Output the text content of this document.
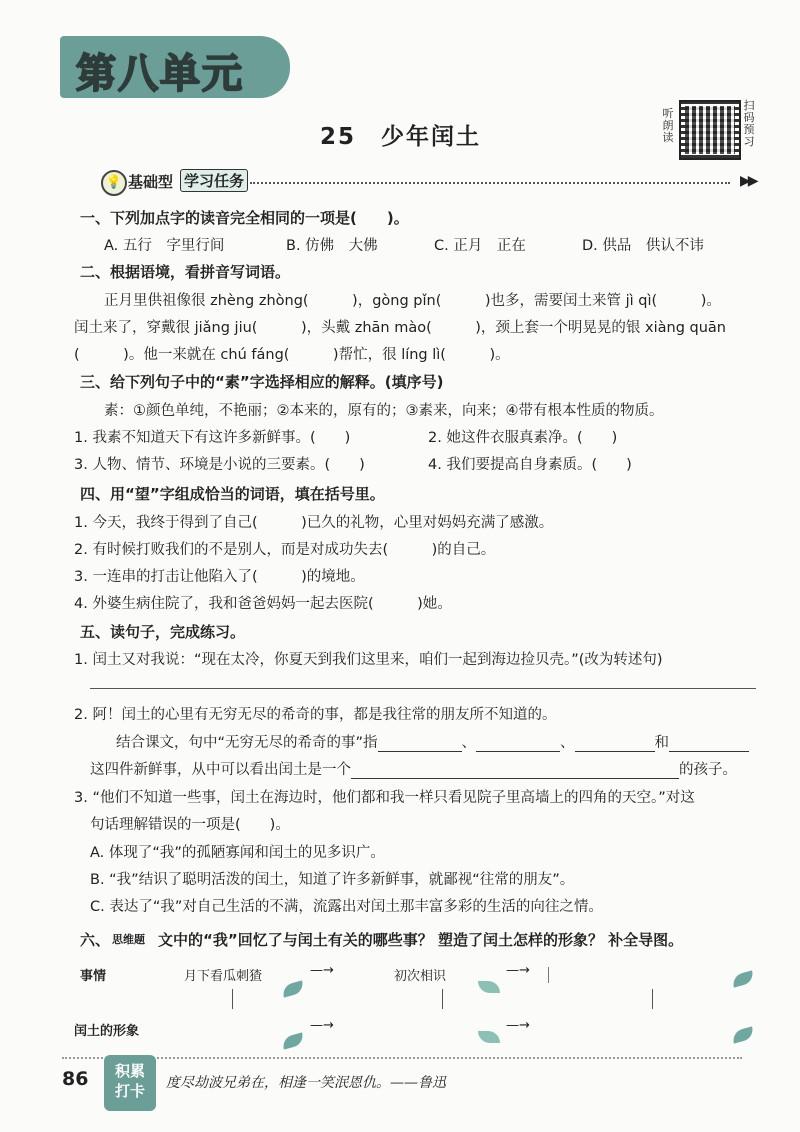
第八单元
25　少年闰土
听朗读
扫码预习
💡 基础型 学习任务	▶▶
一、下列加点字的读音完全相同的一项是(　　)。
A. 五行　字里行间	B. 仿佛　大佛	C. 正月　正在	D. 供品　供认不讳
二、根据语境，看拼音写词语。
正月里供祖像很 zhèng zhòng(　　　)，gòng pǐn(　　　)也多，需要闰土来管 jì qì(　　　)。
闰土来了，穿戴很 jiǎng jiu(　　　)，头戴 zhān mào(　　　)，颈上套一个明晃晃的银 xiàng quān
(　　　)。他一来就在 chú fáng(　　　)帮忙，很 líng lì(　　　)。
三、给下列句子中的“素”字选择相应的解释。(填序号)
素：①颜色单纯，不艳丽；②本来的，原有的；③素来，向来；④带有根本性质的物质。
1. 我素不知道天下有这许多新鲜事。(　　)	2. 她这件衣服真素净。(　　)
3. 人物、情节、环境是小说的三要素。(　　)	4. 我们要提高自身素质。(　　)
四、用“望”字组成恰当的词语，填在括号里。
1. 今天，我终于得到了自己(　　　)已久的礼物，心里对妈妈充满了感激。
2. 有时候打败我们的不是别人，而是对成功失去(　　　)的自己。
3. 一连串的打击让他陷入了(　　　)的境地。
4. 外婆生病住院了，我和爸爸妈妈一起去医院(　　　)她。
五、读句子，完成练习。
1. 闰土又对我说：“现在太冷，你夏天到我们这里来，咱们一起到海边捡贝壳。”(改为转述句)
2. 阿！闰土的心里有无穷无尽的希奇的事，都是我往常的朋友所不知道的。
结合课文，句中“无穷无尽的希奇的事”指	、	、	和
这四件新鲜事，从中可以看出闰土是一个	的孩子。
3. “他们不知道一些事，闰土在海边时，他们都和我一样只看见院子里高墙上的四角的天空。”对这
句话理解错误的一项是(　　)。
A. 体现了“我”的孤陋寡闻和闰土的见多识广。
B. “我”结识了聪明活泼的闰土，知道了许多新鲜事，就鄙视“往常的朋友”。
C. 表达了“我”对自己生活的不满，流露出对闰土那丰富多彩的生活的向往之情。
六、 思维题 文中的“我”回忆了与闰土有关的哪些事？ 塑造了闰土怎样的形象？ 补全导图。
事情	月下看瓜刺猹	—→	初次相识	—→
闰土的形象	—→	—→
86	积累
打卡	度尽劫波兄弟在，相逢一笑泯恩仇。——鲁迅
